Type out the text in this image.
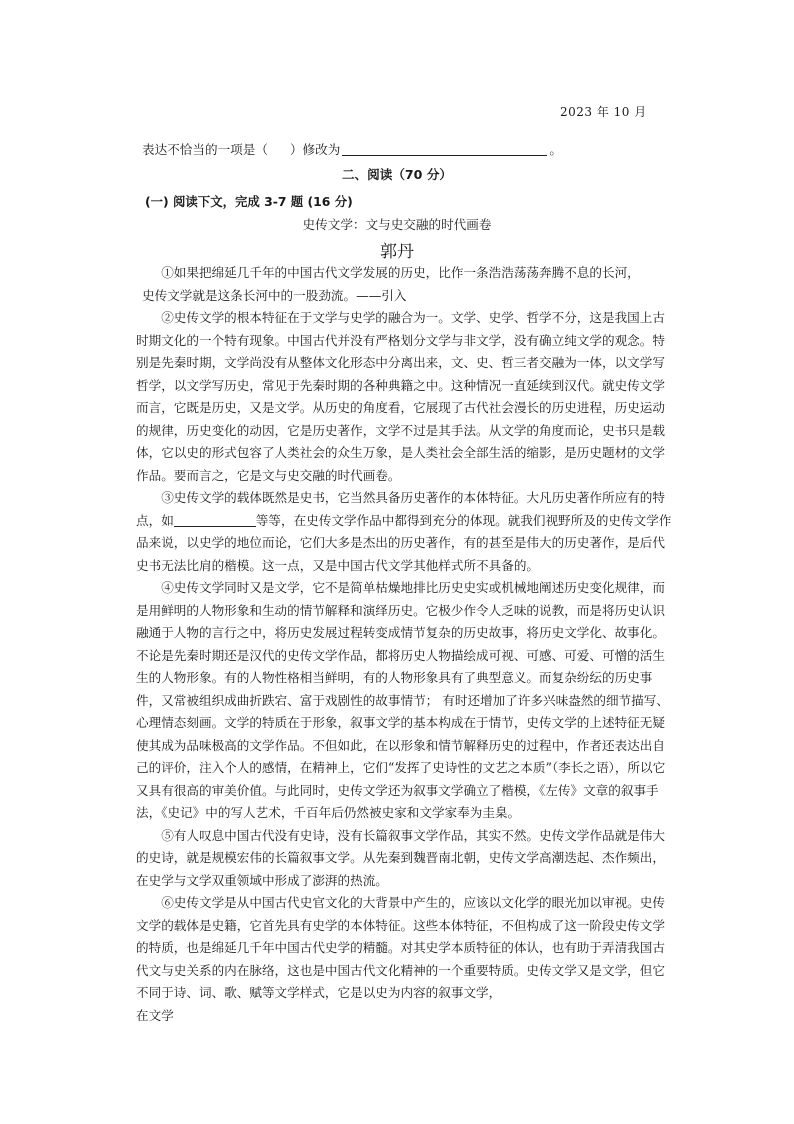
2023 年 10 月
表达不恰当的一项是（ ）修改为	。
二、阅读（70 分）
(一) 阅读下文，完成 3-7 题 (16 分)
史传文学：文与史交融的时代画卷
郭丹

①如果把绵延几千年的中国古代文学发展的历史，比作一条浩浩荡荡奔腾不息的长河，

史传文学就是这条长河中的一股劲流。——引入

②史传文学的根本特征在于文学与史学的融合为一。文学、史学、哲学不分，这是我国上古时期文化的一个特有现象。中国古代并没有严格划分文学与非文学，没有确立纯文学的观念。特别是先秦时期，文学尚没有从整体文化形态中分离出来，文、史、哲三者交融为一体，以文学写哲学，以文学写历史，常见于先秦时期的各种典籍之中。这种情况一直延续到汉代。就史传文学而言，它既是历史，又是文学。从历史的角度看，它展现了古代社会漫长的历史进程，历史运动的规律，历史变化的动因，它是历史著作，文学不过是其手法。从文学的角度而论，史书只是载体，它以史的形式包容了人类社会的众生万象，是人类社会全部生活的缩影，是历史题材的文学作品。要而言之，它是文与史交融的时代画卷。

③史传文学的载体既然是史书，它当然具备历史著作的本体特征。大凡历史著作所应有的特点，如	等等，在史传文学作品中都得到充分的体现。就我们视野所及的史传文学作品来说，以史学的地位而论，它们大多是杰出的历史著作，有的甚至是伟大的历史著作，是后代史书无法比肩的楷模。这一点，又是中国古代文学其他样式所不具备的。

④史传文学同时又是文学，它不是简单枯燥地排比历史史实或机械地阐述历史变化规律，而是用鲜明的人物形象和生动的情节解释和演绎历史。它极少作令人乏味的说教，而是将历史认识融通于人物的言行之中，将历史发展过程转变成情节复杂的历史故事，将历史文学化、故事化。不论是先秦时期还是汉代的史传文学作品，都将历史人物描绘成可视、可感、可爱、可憎的活生生的人物形象。有的人物性格相当鲜明，有的人物形象具有了典型意义。而复杂纷纭的历史事件，又常被组织成曲折跌宕、富于戏剧性的故事情节； 有时还增加了许多兴味盎然的细节描写、心理情态刻画。文学的特质在于形象，叙事文学的基本构成在于情节，史传文学的上述特征无疑使其成为品味极高的文学作品。不但如此，在以形象和情节解释历史的过程中，作者还表达出自己的评价，注入个人的感情，在精神上，它们“发挥了史诗性的文艺之本质”（李长之语），所以它又具有很高的审美价值。与此同时，史传文学还为叙事文学确立了楷模，《左传》文章的叙事手法，《史记》中的写人艺术，千百年后仍然被史家和文学家奉为圭臬。

⑤有人叹息中国古代没有史诗，没有长篇叙事文学作品，其实不然。史传文学作品就是伟大的史诗，就是规模宏伟的长篇叙事文学。从先秦到魏晋南北朝，史传文学高潮迭起、杰作频出，在史学与文学双重领域中形成了澎湃的热流。

⑥史传文学是从中国古代史官文化的大背景中产生的，应该以文化学的眼光加以审视。史传文学的载体是史籍，它首先具有史学的本体特征。这些本体特征，不但构成了这一阶段史传文学的特质，也是绵延几千年中国古代史学的精髓。对其史学本质特征的体认，也有助于弄清我国古代文与史关系的内在脉络，这也是中国古代文化精神的一个重要特质。史传文学又是文学，但它不同于诗、词、歌、赋等文学样式，它是以史为内容的叙事文学，

在文学
